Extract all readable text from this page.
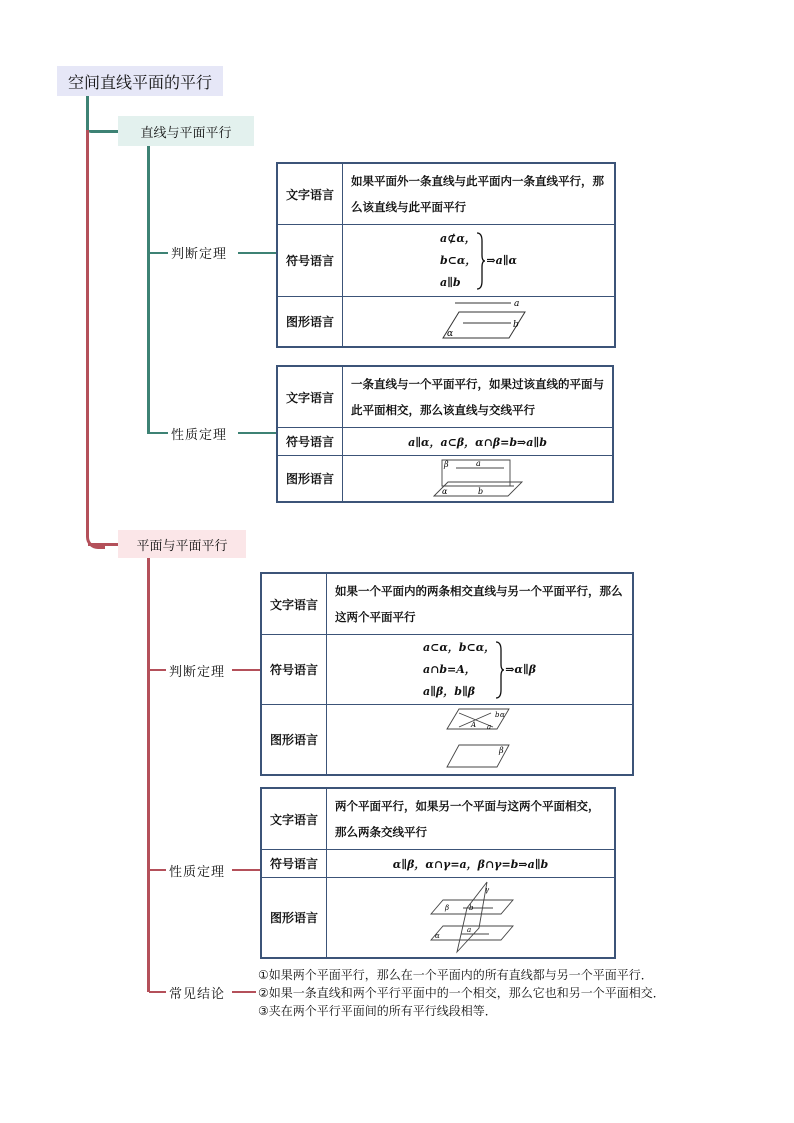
空间直线平面的平行
直线与平面平行
平面与平面平行
判断定理
性质定理
判断定理
性质定理
常见结论
文字语言	如果平面外一条直线与此平面内一条直线平行，那么该直线与此平面平行
符号语言	a⊄α，
b⊂α，
a∥b
⇒a∥α

图形语言	a
b
α
文字语言	一条直线与一个平面平行，如果过该直线的平面与此平面相交，那么该直线与交线平行
符号语言	a∥α，a⊂β，α∩β=b⇒a∥b
图形语言	β a
α b
文字语言	如果一个平面内的两条相交直线与另一个平面平行，那么这两个平面平行
符号语言	a⊂α，b⊂α，
a∩b=A，
a∥β，b∥β
⇒α∥β

图形语言	b α
A a
β
文字语言	两个平面平行，如果另一个平面与这两个平面相交，那么两条交线平行
符号语言	α∥β，α∩γ=a，β∩γ=b⇒a∥b
图形语言	γ
β b
α
a
①如果两个平面平行，那么在一个平面内的所有直线都与另一个平面平行．
②如果一条直线和两个平行平面中的一个相交，那么它也和另一个平面相交．
③夹在两个平行平面间的所有平行线段相等．
